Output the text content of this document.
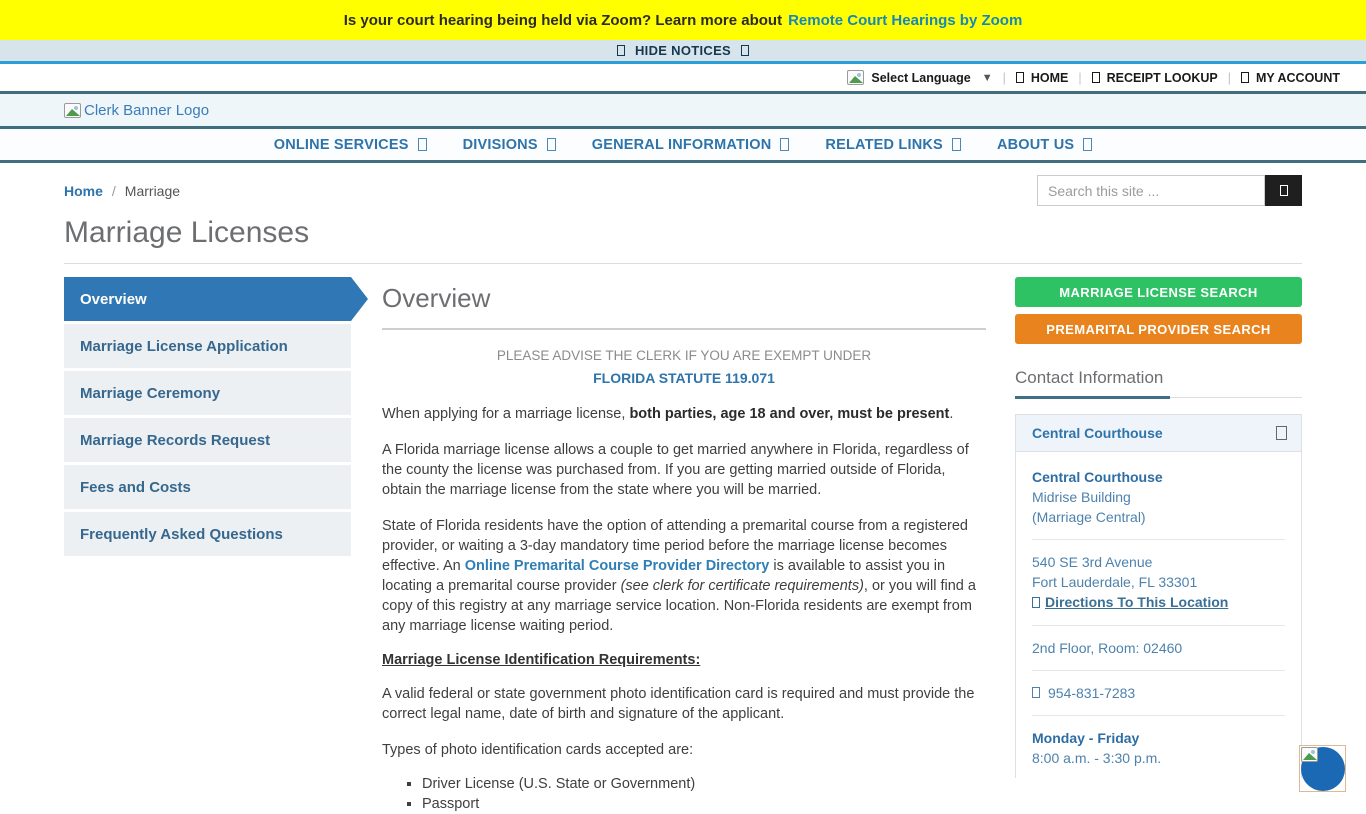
Is your court hearing being held via Zoom? Learn more about Remote Court Hearings by Zoom
HIDE NOTICES
Select Language ▼ | HOME | RECEIPT LOOKUP | MY ACCOUNT
Clerk Banner Logo
ONLINE SERVICES	DIVISIONS	GENERAL INFORMATION	RELATED LINKS	ABOUT US
Home / Marriage
Search this site ...
Marriage Licenses
Overview
Marriage License Application
Marriage Ceremony
Marriage Records Request
Fees and Costs
Frequently Asked Questions
Overview
PLEASE ADVISE THE CLERK IF YOU ARE EXEMPT UNDER
FLORIDA STATUTE 119.071

When applying for a marriage license, both parties, age 18 and over, must be present.

A Florida marriage license allows a couple to get married anywhere in Florida, regardless of the county the license was purchased from. If you are getting married outside of Florida, obtain the marriage license from the state where you will be married.

State of Florida residents have the option of attending a premarital course from a registered provider, or waiting a 3-day mandatory time period before the marriage license becomes effective. An Online Premarital Course Provider Directory is available to assist you in locating a premarital course provider (see clerk for certificate requirements), or you will find a copy of this registry at any marriage service location. Non-Florida residents are exempt from any marriage license waiting period.

Marriage License Identification Requirements:

A valid federal or state government photo identification card is required and must provide the correct legal name, date of birth and signature of the applicant.

Types of photo identification cards accepted are:

▪ Driver License (U.S. State or Government)
▪ Passport
MARRIAGE LICENSE SEARCH
PREMARITAL PROVIDER SEARCH
Contact Information
Central Courthouse
Central Courthouse
Midrise Building
(Marriage Central)
540 SE 3rd Avenue
Fort Lauderdale, FL 33301
Directions To This Location
2nd Floor, Room: 02460
954-831-7283
Monday - Friday
8:00 a.m. - 3:30 p.m.
